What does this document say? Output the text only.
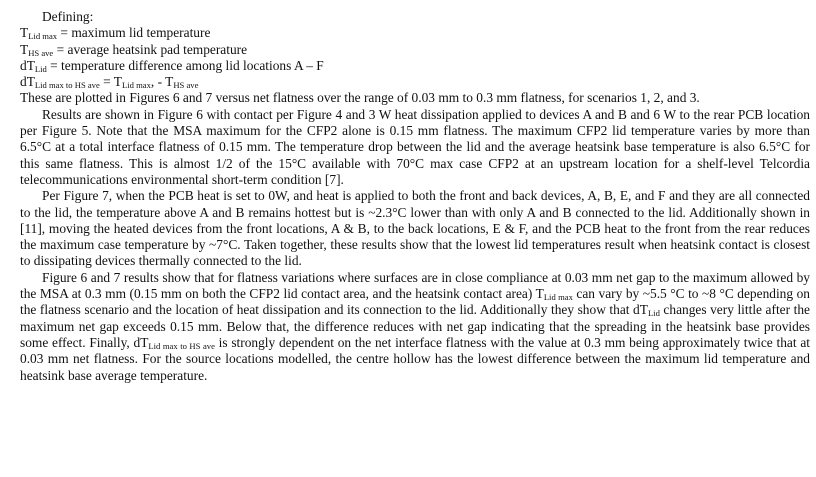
Defining:
$T_{Lid max}$ = maximum lid temperature
$T_{HS ave}$ = average heatsink pad temperature
$dT_{Lid}$ = temperature difference among lid locations A – F
$dT_{Lid max to HS ave} = T_{Lid max}$, - $T_{HS ave}$
These are plotted in Figures 6 and 7 versus net flatness over the range of 0.03 mm to 0.3 mm flatness, for scenarios 1, 2, and 3.

Results are shown in Figure 6 with contact per Figure 4 and 3 W heat dissipation applied to devices A and B and 6 W to the rear PCB location per Figure 5. Note that the MSA maximum for the CFP2 alone is 0.15 mm flatness. The maximum CFP2 lid temperature varies by more than 6.5°C at a total interface flatness of 0.15 mm. The temperature drop between the lid and the average heatsink base temperature is also 6.5°C for this same flatness. This is almost 1/2 of the 15°C available with 70°C max case CFP2 at an upstream location for a shelf-level Telcordia telecommunications environmental short-term condition [7].

Per Figure 7, when the PCB heat is set to 0W, and heat is applied to both the front and back devices, A, B, E, and F and they are all connected to the lid, the temperature above A and B remains hottest but is ~2.3°C lower than with only A and B connected to the lid. Additionally shown in [11], moving the heated devices from the front locations, A & B, to the back locations, E & F, and the PCB heat to the front from the rear reduces the maximum case temperature by ~7°C. Taken together, these results show that the lowest lid temperatures result when heatsink contact is closest to dissipating devices thermally connected to the lid.

Figure 6 and 7 results show that for flatness variations where surfaces are in close compliance at 0.03 mm net gap to the maximum allowed by the MSA at 0.3 mm (0.15 mm on both the CFP2 lid contact area, and the heatsink contact area) $T_{Lid max}$ can vary by ~5.5 °C to ~8 °C depending on the flatness scenario and the location of heat dissipation and its connection to the lid. Additionally they show that $dT_{Lid}$ changes very little after the maximum net gap exceeds 0.15 mm. Below that, the difference reduces with net gap indicating that the spreading in the heatsink base provides some effect. Finally, $dT_{Lid max to HS ave}$ is strongly dependent on the net interface flatness with the value at 0.3 mm being approximately twice that at 0.03 mm net flatness. For the source locations modelled, the centre hollow has the lowest difference between the maximum lid temperature and heatsink base average temperature.
